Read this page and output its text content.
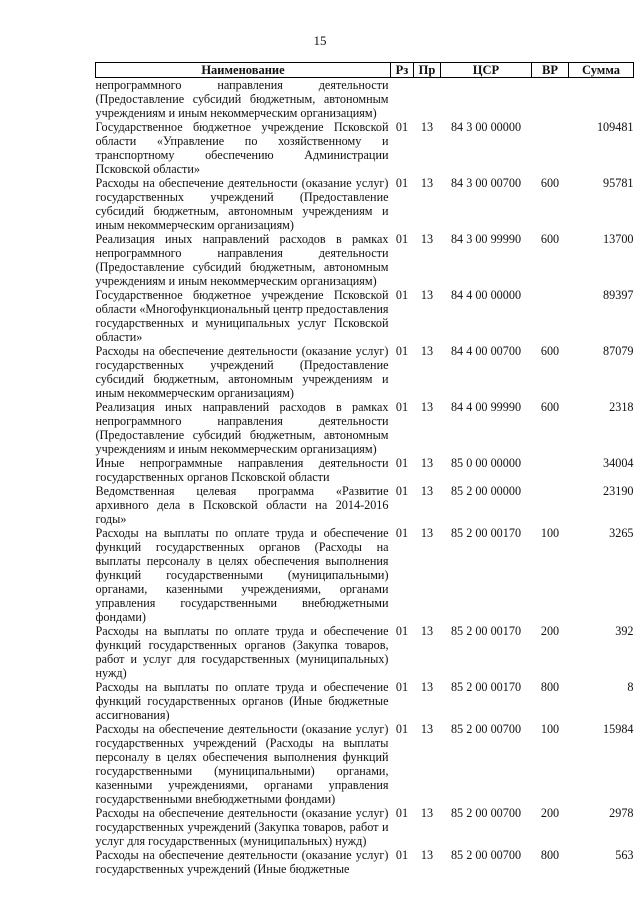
15
Наименование	Рз	Пр	ЦСР	ВР	Сумма
непрограммного направления деятельности (Предоставление субсидий бюджетным, автономным учреждениям и иным некоммерческим организациям)					
Государственное бюджетное учреждение Псковской области «Управление по хозяйственному и транспортному обеспечению Администрации Псковской области»	01	13	84 3 00 00000		109481
Расходы на обеспечение деятельности (оказание услуг) государственных учреждений (Предоставление субсидий бюджетным, автономным учреждениям и иным некоммерческим организациям)	01	13	84 3 00 00700	600	95781
Реализация иных направлений расходов в рамках непрограммного направления деятельности (Предоставление субсидий бюджетным, автономным учреждениям и иным некоммерческим организациям)	01	13	84 3 00 99990	600	13700
Государственное бюджетное учреждение Псковской области «Многофункциональный центр предоставления государственных и муниципальных услуг Псковской области»	01	13	84 4 00 00000		89397
Расходы на обеспечение деятельности (оказание услуг) государственных учреждений (Предоставление субсидий бюджетным, автономным учреждениям и иным некоммерческим организациям)	01	13	84 4 00 00700	600	87079
Реализация иных направлений расходов в рамках непрограммного направления деятельности (Предоставление субсидий бюджетным, автономным учреждениям и иным некоммерческим организациям)	01	13	84 4 00 99990	600	2318
Иные непрограммные направления деятельности государственных органов Псковской области	01	13	85 0 00 00000		34004
Ведомственная целевая программа «Развитие архивного дела в Псковской области на 2014-2016 годы»	01	13	85 2 00 00000		23190
Расходы на выплаты по оплате труда и обеспечение функций государственных органов (Расходы на выплаты персоналу в целях обеспечения выполнения функций государственными (муниципальными) органами, казенными учреждениями, органами управления государственными внебюджетными фондами)	01	13	85 2 00 00170	100	3265
Расходы на выплаты по оплате труда и обеспечение функций государственных органов (Закупка товаров, работ и услуг для государственных (муниципальных) нужд)	01	13	85 2 00 00170	200	392
Расходы на выплаты по оплате труда и обеспечение функций государственных органов (Иные бюджетные ассигнования)	01	13	85 2 00 00170	800	8
Расходы на обеспечение деятельности (оказание услуг) государственных учреждений (Расходы на выплаты персоналу в целях обеспечения выполнения функций государственными (муниципальными) органами, казенными учреждениями, органами управления государственными внебюджетными фондами)	01	13	85 2 00 00700	100	15984
Расходы на обеспечение деятельности (оказание услуг) государственных учреждений (Закупка товаров, работ и услуг для государственных (муниципальных) нужд)	01	13	85 2 00 00700	200	2978
Расходы на обеспечение деятельности (оказание услуг) государственных учреждений (Иные бюджетные	01	13	85 2 00 00700	800	563
